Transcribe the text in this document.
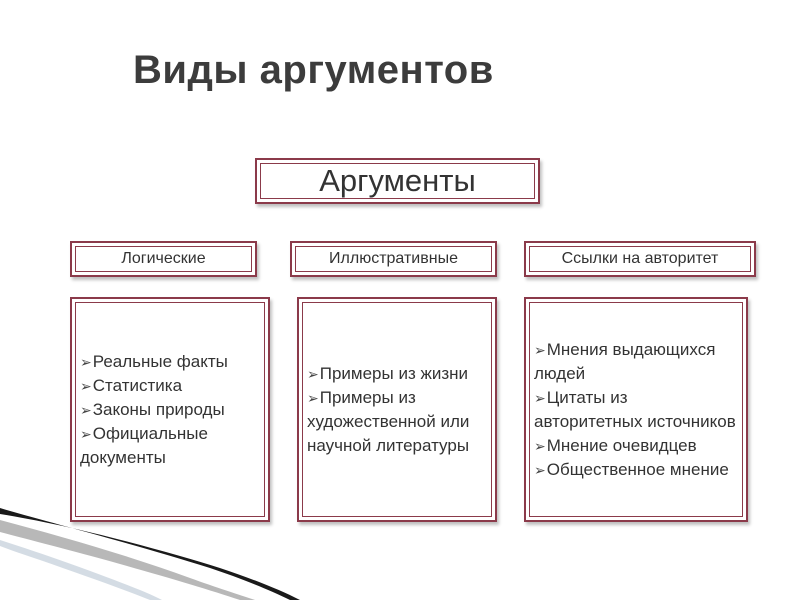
Виды аргументов
Аргументы
Логические	Иллюстративные	Ссылки на авторитет
➢Реальные факты
➢Статистика
➢Законы природы
➢Официальные документы
➢Примеры из жизни
➢Примеры из художественной или научной литературы
➢Мнения выдающихся людей
➢Цитаты из авторитетных источников
➢Мнение очевидцев
➢Общественное мнение
